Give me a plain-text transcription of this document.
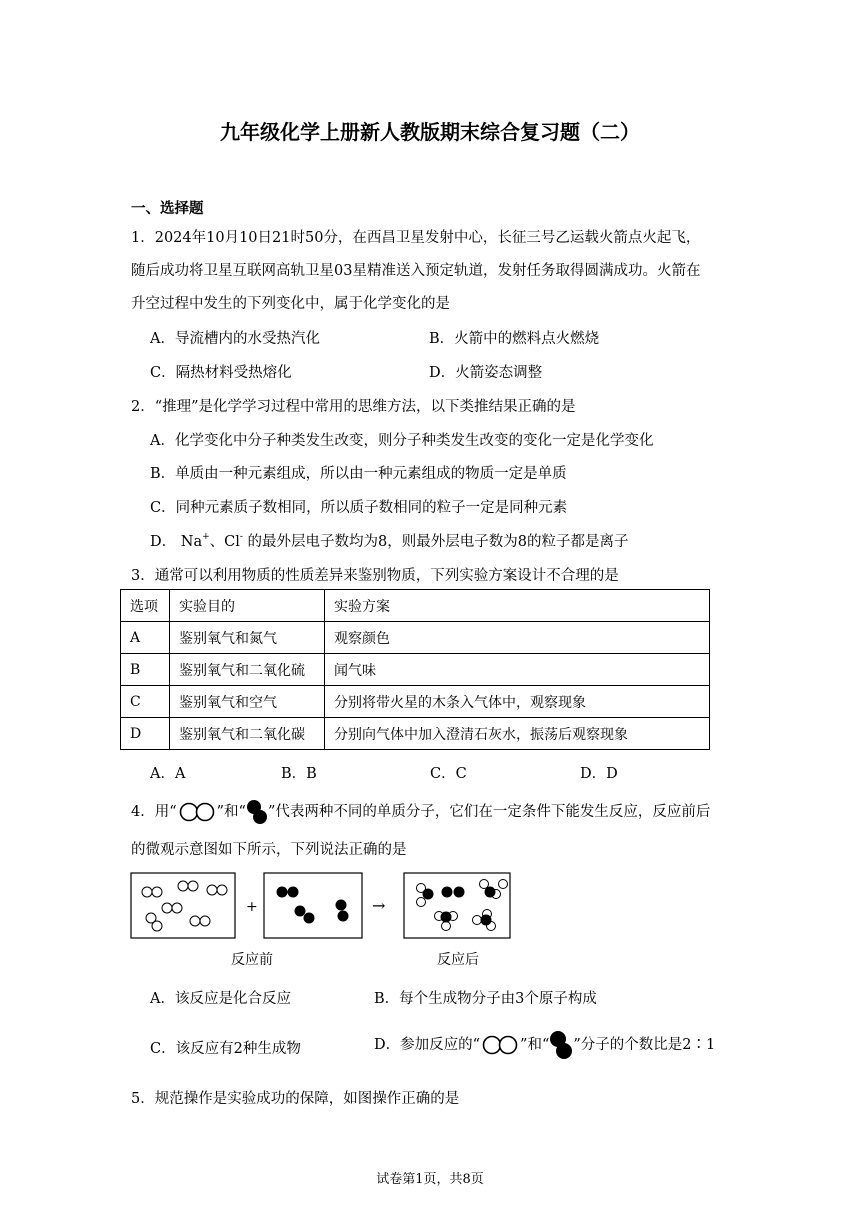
九年级化学上册新人教版期末综合复习题（二）
一、选择题
1．2024年10月10日21时50分，在西昌卫星发射中心，长征三号乙运载火箭点火起飞，
随后成功将卫星互联网高轨卫星03星精准送入预定轨道，发射任务取得圆满成功。火箭在
升空过程中发生的下列变化中，属于化学变化的是
A．导流槽内的水受热汽化	B．火箭中的燃料点火燃烧
C．隔热材料受热熔化	D．火箭姿态调整
2．“推理”是化学学习过程中常用的思维方法，以下类推结果正确的是
A．化学变化中分子种类发生改变，则分子种类发生改变的变化一定是化学变化
B．单质由一种元素组成，所以由一种元素组成的物质一定是单质
C．同种元素质子数相同，所以质子数相同的粒子一定是同种元素
D． Na+、Cl- 的最外层电子数均为8，则最外层电子数为8的粒子都是离子
3．通常可以利用物质的性质差异来鉴别物质，下列实验方案设计不合理的是
选项	实验目的	实验方案
A	鉴别氧气和氮气	观察颜色
B	鉴别氧气和二氧化硫	闻气味
C	鉴别氧气和空气	分别将带火星的木条入气体中，观察现象
D	鉴别氧气和二氧化碳	分别向气体中加入澄清石灰水，振荡后观察现象
A．A	B．B	C．C	D．D
4．用“	”和“ ”代表两种不同的单质分子，它们在一定条件下能发生反应，反应前后
的微观示意图如下所示，下列说法正确的是
+	→
反应前	反应后
A．该反应是化合反应	B．每个生成物分子由3个原子构成
C．该反应有2种生成物	D．参加反应的“	”和“ ”分子的个数比是2∶1
5．规范操作是实验成功的保障，如图操作正确的是
试卷第1页，共8页
